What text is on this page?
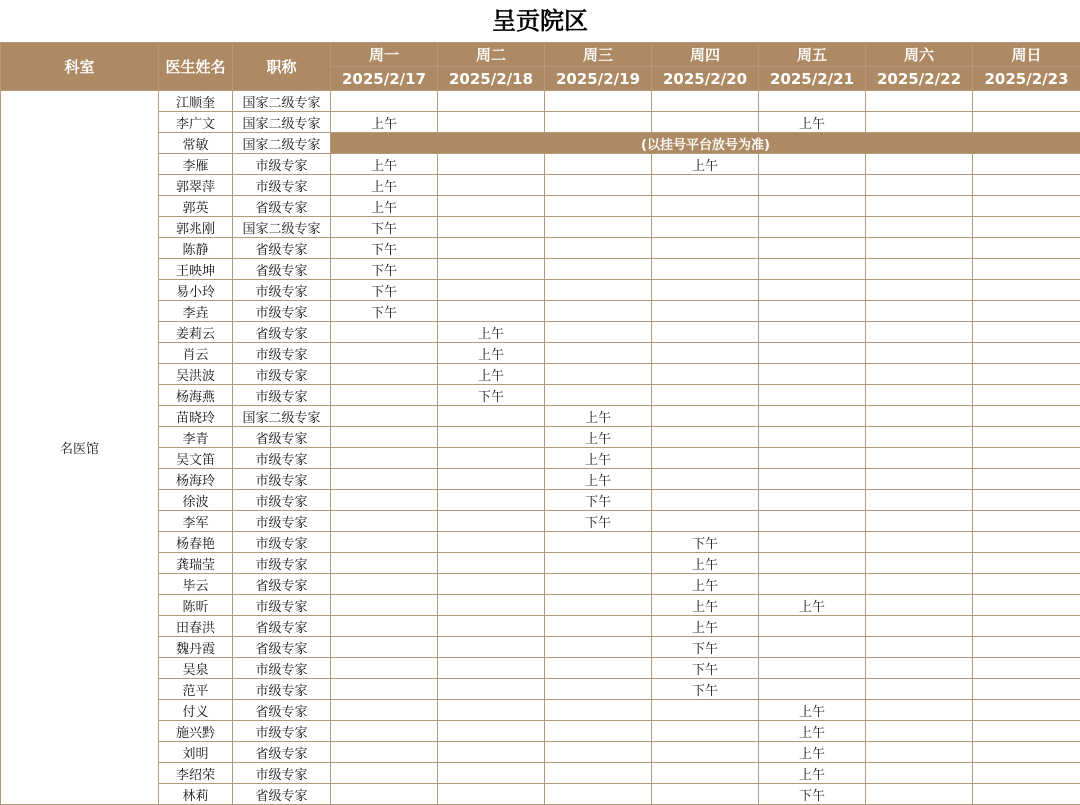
呈贡院区
科室	医生姓名	职称	周一	周二	周三	周四	周五	周六	周日
			2025/2/17	2025/2/18	2025/2/19	2025/2/20	2025/2/21	2025/2/22	2025/2/23
名医馆	江顺奎	国家二级专家							
	李广文	国家二级专家	上午				上午		
	常敏	国家二级专家	(以挂号平台放号为准)						
	李雁	市级专家	上午			上午			
	郭翠萍	市级专家	上午						
	郭英	省级专家	上午						
	郭兆刚	国家二级专家	下午						
	陈静	省级专家	下午						
	王映坤	省级专家	下午						
	易小玲	市级专家	下午						
	李垚	市级专家	下午						
	姜莉云	省级专家		上午					
	肖云	市级专家		上午					
	吴洪波	市级专家		上午					
	杨海燕	市级专家		下午					
	苗晓玲	国家二级专家			上午				
	李青	省级专家			上午				
	吴文笛	市级专家			上午				
	杨海玲	市级专家			上午				
	徐波	市级专家			下午				
	李军	市级专家			下午				
	杨春艳	市级专家				下午			
	龚瑞莹	市级专家				上午			
	毕云	省级专家				上午			
	陈昕	市级专家				上午	上午		
	田春洪	省级专家				上午			
	魏丹霞	省级专家				下午			
	吴泉	市级专家				下午			
	范平	市级专家				下午			
	付义	省级专家					上午		
	施兴黔	市级专家					上午		
	刘明	省级专家					上午		
	李绍荣	市级专家					上午		
	林莉	省级专家					下午		
